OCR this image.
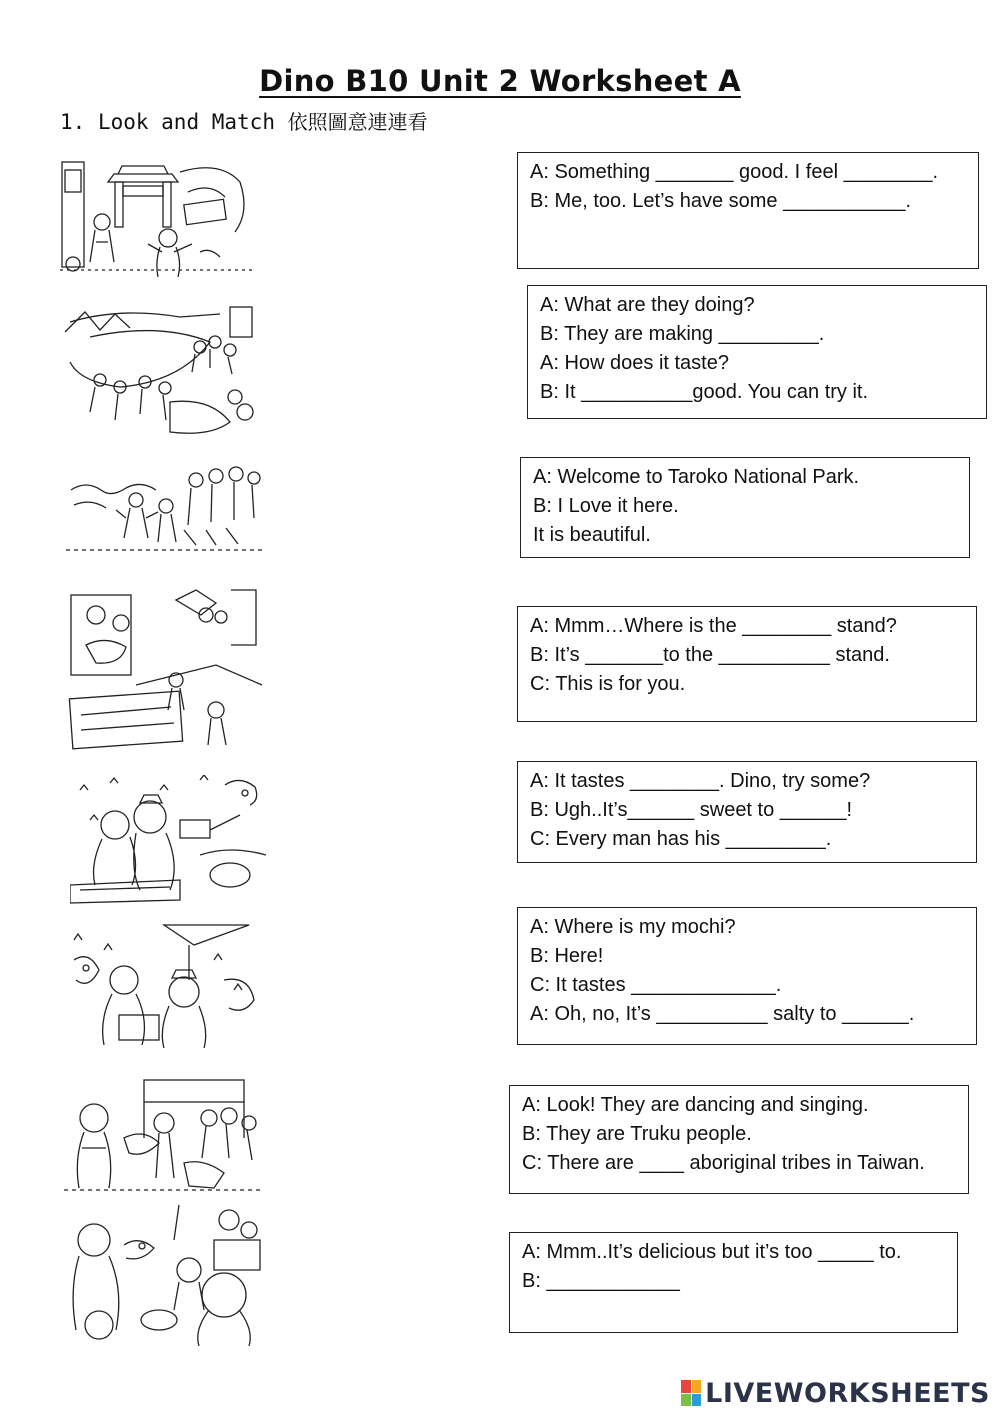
Dino B10 Unit 2 Worksheet A
1. Look and Match 依照圖意連連看
A: Something _______ good. I feel ________.
B: Me, too. Let’s have some ___________.
A: What are they doing?
B: They are making _________.
A: How does it taste?
B: It __________good. You can try it.
A: Welcome to Taroko National Park.
B: I Love it here.
It is beautiful.
A: Mmm…Where is the ________ stand?
B: It’s _______to the __________ stand.
C: This is for you.
A: It tastes ________. Dino, try some?
B: Ugh..It’s______ sweet to ______!
C: Every man has his _________.
A: Where is my mochi?
B: Here!
C: It tastes _____________.
A: Oh, no, It’s __________ salty to ______.
A: Look! They are dancing and singing.
B: They are Truku people.
C: There are ____ aboriginal tribes in Taiwan.
A: Mmm..It’s delicious but it’s too _____ to.
B: ____________
LIVEWORKSHEETS
